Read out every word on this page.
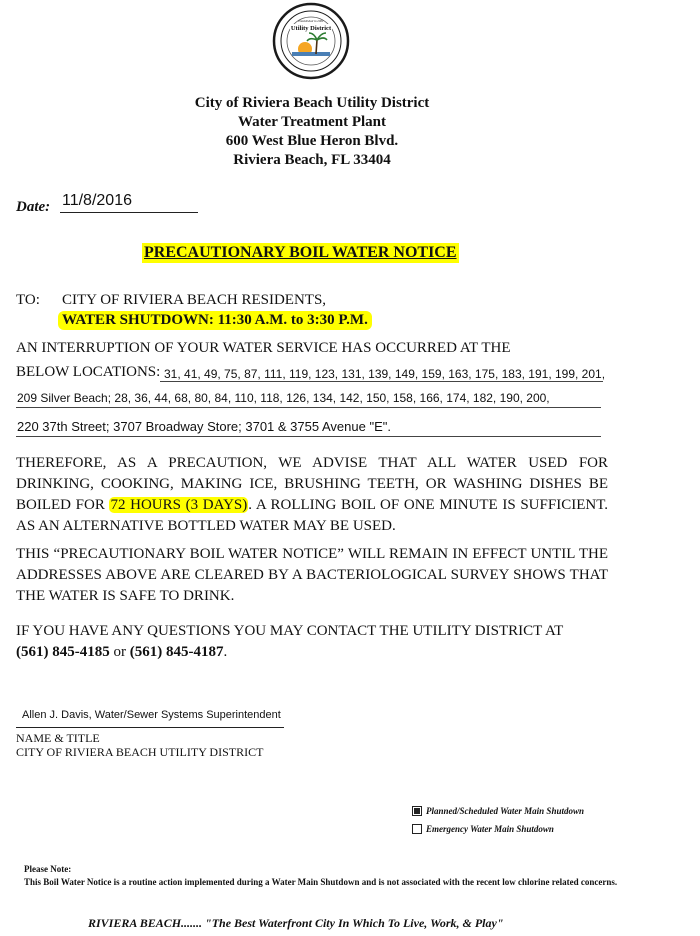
Utility District
Established in 2001
City of Riviera Beach Utility District
Water Treatment Plant
600 West Blue Heron Blvd.
Riviera Beach, FL 33404
Date: 11/8/2016
PRECAUTIONARY BOIL WATER NOTICE
TO: CITY OF RIVIERA BEACH RESIDENTS,
WATER SHUTDOWN: 11:30 A.M. to 3:30 P.M.
AN INTERRUPTION OF YOUR WATER SERVICE HAS OCCURRED AT THE
BELOW LOCATIONS: 31, 41, 49, 75, 87, 111, 119, 123, 131, 139, 149, 159, 163, 175, 183, 191, 199, 201,
209 Silver Beach; 28, 36, 44, 68, 80, 84, 110, 118, 126, 134, 142, 150, 158, 166, 174, 182, 190, 200,
220 37th Street; 3707 Broadway Store; 3701 & 3755 Avenue "E".
THEREFORE, AS A PRECAUTION, WE ADVISE THAT ALL WATER USED FOR DRINKING, COOKING, MAKING ICE, BRUSHING TEETH, OR WASHING DISHES BE BOILED FOR 72 HOURS (3 DAYS). A ROLLING BOIL OF ONE MINUTE IS SUFFICIENT. AS AN ALTERNATIVE BOTTLED WATER MAY BE USED.
THIS “PRECAUTIONARY BOIL WATER NOTICE” WILL REMAIN IN EFFECT UNTIL THE ADDRESSES ABOVE ARE CLEARED BY A BACTERIOLOGICAL SURVEY SHOWS THAT THE WATER IS SAFE TO DRINK.
IF YOU HAVE ANY QUESTIONS YOU MAY CONTACT THE UTILITY DISTRICT AT
(561) 845-4185 or (561) 845-4187.
Allen J. Davis, Water/Sewer Systems Superintendent
NAME & TITLE
CITY OF RIVIERA BEACH UTILITY DISTRICT
Planned/Scheduled Water Main Shutdown
Emergency Water Main Shutdown
Please Note:
This Boil Water Notice is a routine action implemented during a Water Main Shutdown and is not associated with the recent low chlorine related concerns.
RIVIERA BEACH....... "The Best Waterfront City In Which To Live, Work, & Play"
